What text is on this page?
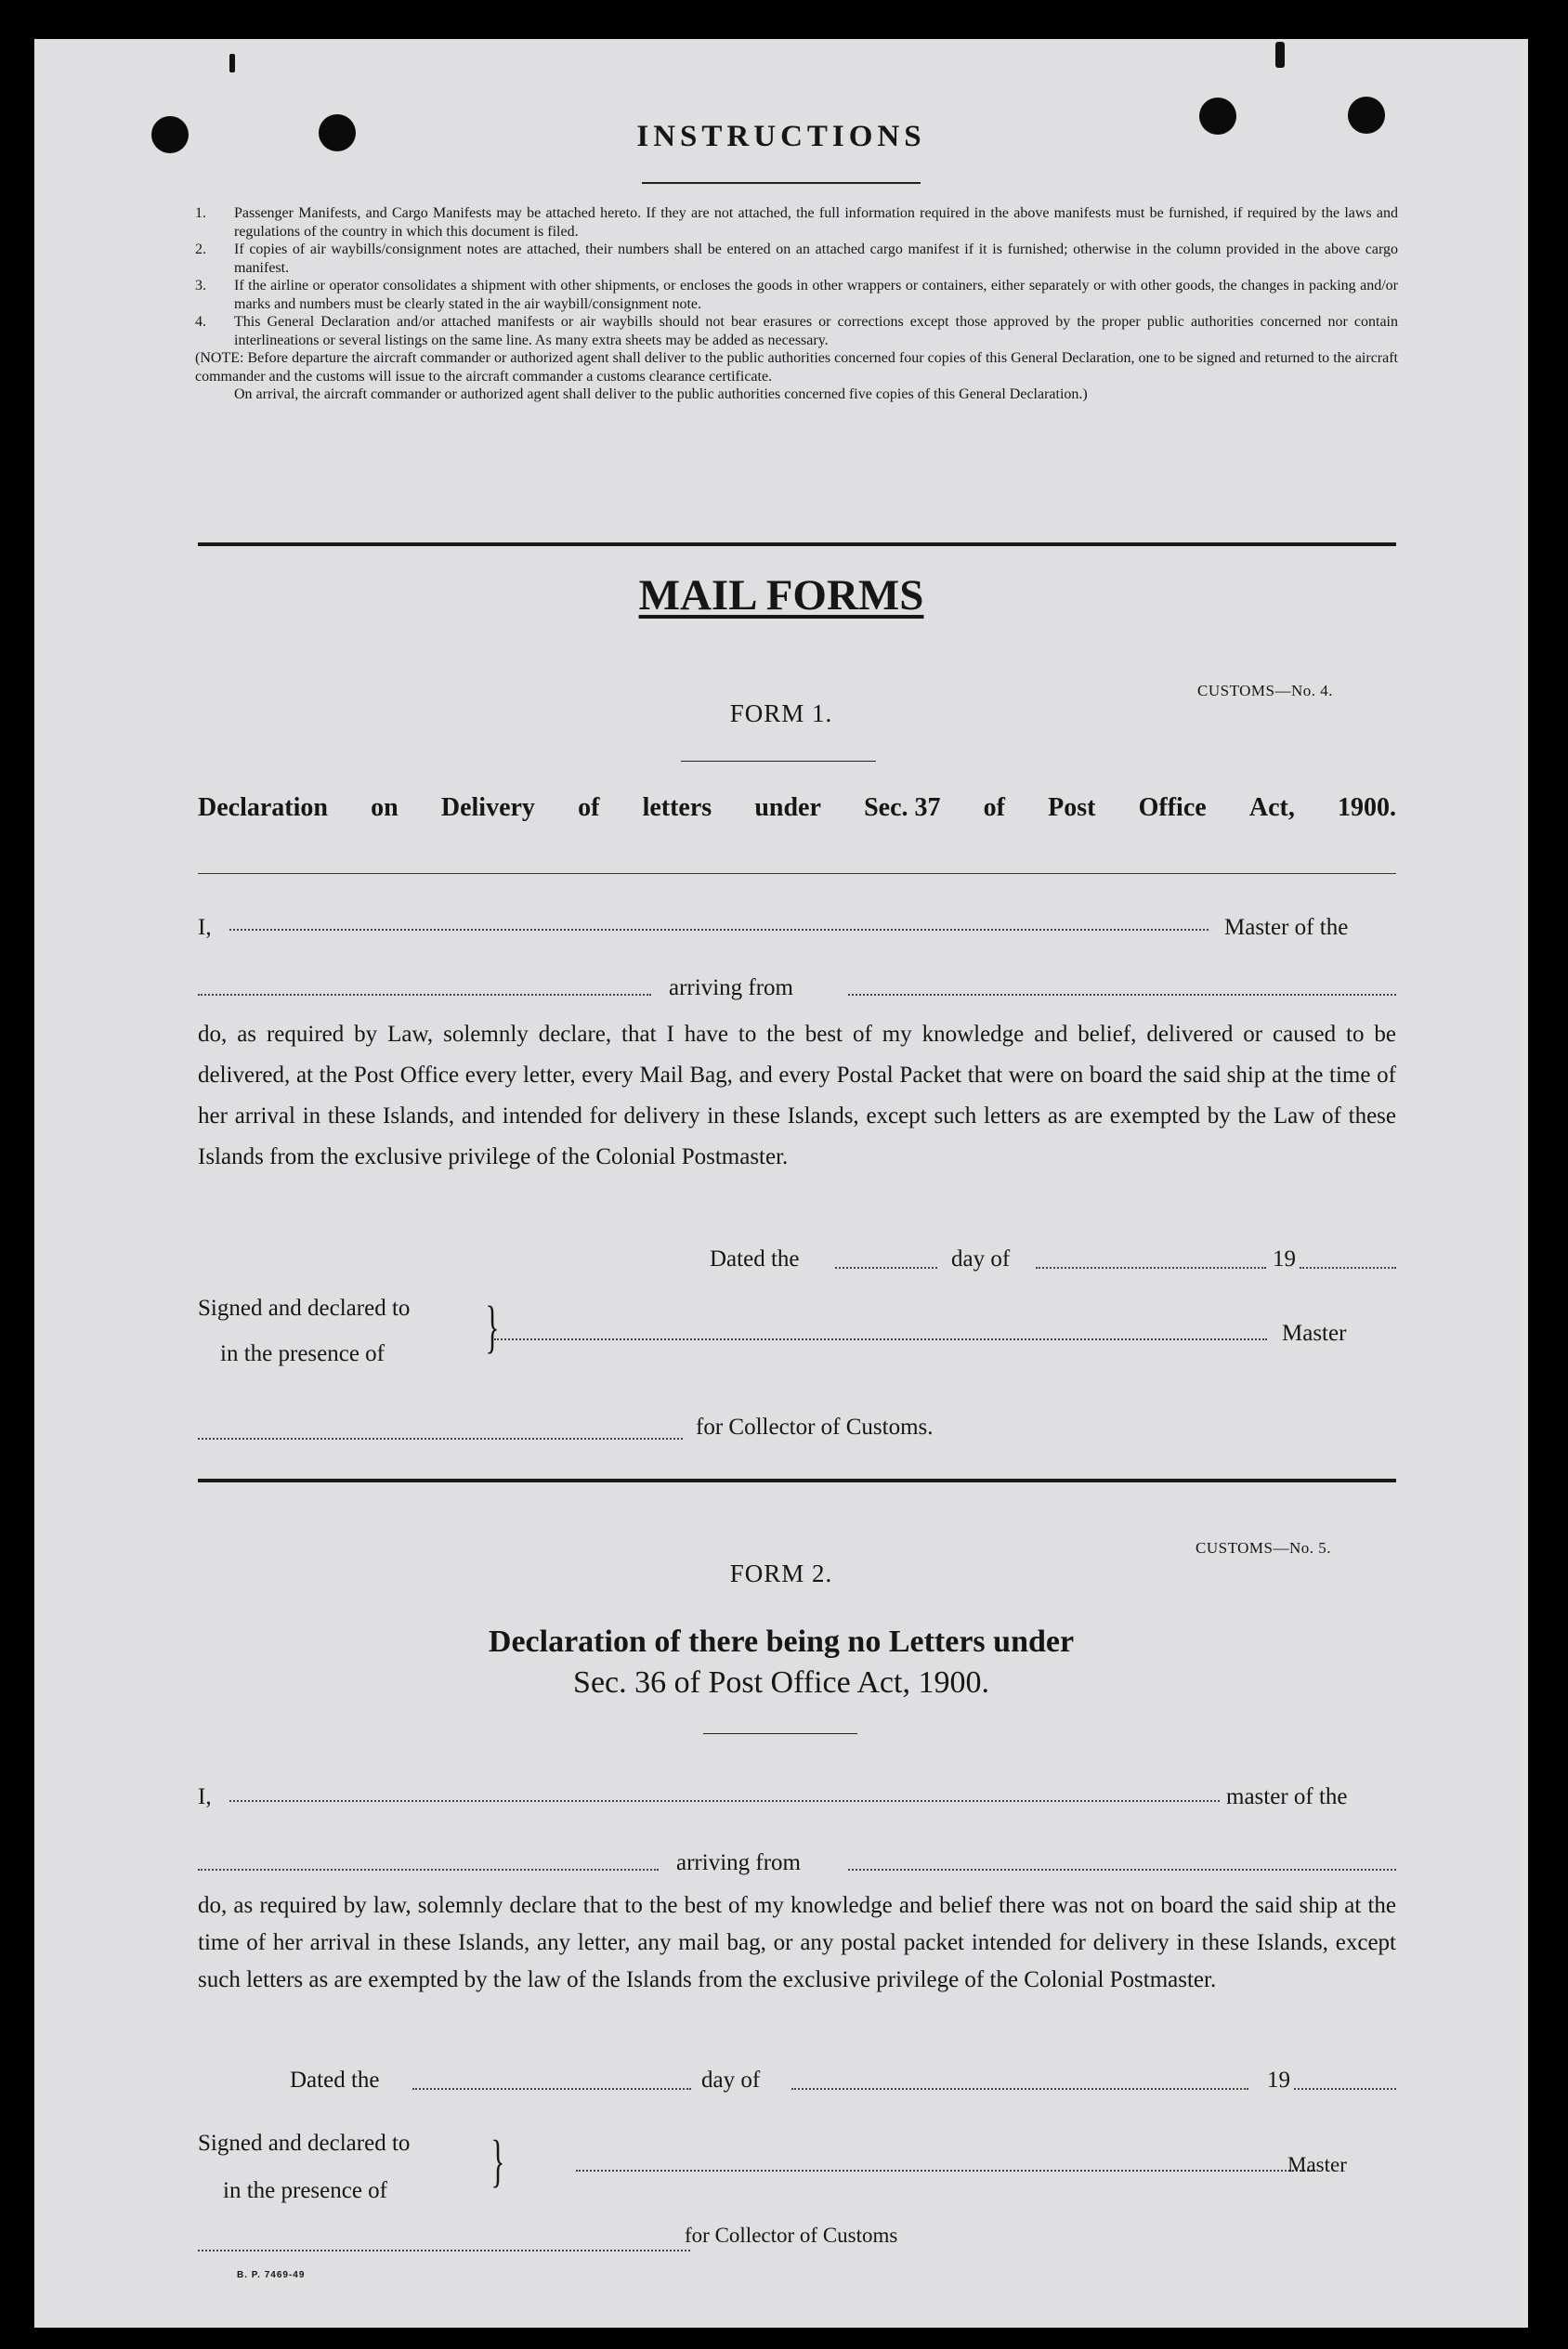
INSTRUCTIONS

1. Passenger Manifests, and Cargo Manifests may be attached hereto. If they are not attached, the full information required in the above manifests must be furnished, if required by the laws and regulations of the country in which this document is filed.

2. If copies of air waybills/consignment notes are attached, their numbers shall be entered on an attached cargo manifest if it is furnished; otherwise in the column provided in the above cargo manifest.

3. If the airline or operator consolidates a shipment with other shipments, or encloses the goods in other wrappers or containers, either separately or with other goods, the changes in packing and/or marks and numbers must be clearly stated in the air waybill/consignment note.

4. This General Declaration and/or attached manifests or air waybills should not bear erasures or corrections except those approved by the proper public authorities concerned nor contain interlineations or several listings on the same line. As many extra sheets may be added as necessary.

(NOTE: Before departure the aircraft commander or authorized agent shall deliver to the public authorities concerned four copies of this General Declaration, one to be signed and returned to the aircraft commander and the customs will issue to the aircraft commander a customs clearance certificate.
On arrival, the aircraft commander or authorized agent shall deliver to the public authorities concerned five copies of this General Declaration.)

MAIL FORMS
CUSTOMS—No. 4.
FORM 1.
Declaration on Delivery of letters under Sec. 37 of Post Office Act, 1900.
I,	Master of the
arriving from
do, as required by Law, solemnly declare, that I have to the best of my knowledge and belief, delivered or caused to be delivered, at the Post Office every letter, every Mail Bag, and every Postal Packet that were on board the said ship at the time of her arrival in these Islands, and intended for delivery in these Islands, except such letters as are exempted by the Law of these Islands from the exclusive privilege of the Colonial Postmaster.
Dated the	day of	19
Signed and declared to
in the presence of }	Master
for Collector of Customs.
CUSTOMS—No. 5.
FORM 2.
Declaration of there being no Letters under
Sec. 36 of Post Office Act, 1900.
I,	master of the
arriving from
do, as required by law, solemnly declare that to the best of my knowledge and belief there was not on board the said ship at the time of her arrival in these Islands, any letter, any mail bag, or any postal packet intended for delivery in these Islands, except such letters as are exempted by the law of the Islands from the exclusive privilege of the Colonial Postmaster.
Dated the	day of	19
Signed and declared to
in the presence of }	Master
for Collector of Customs
B. P. 7469-49
